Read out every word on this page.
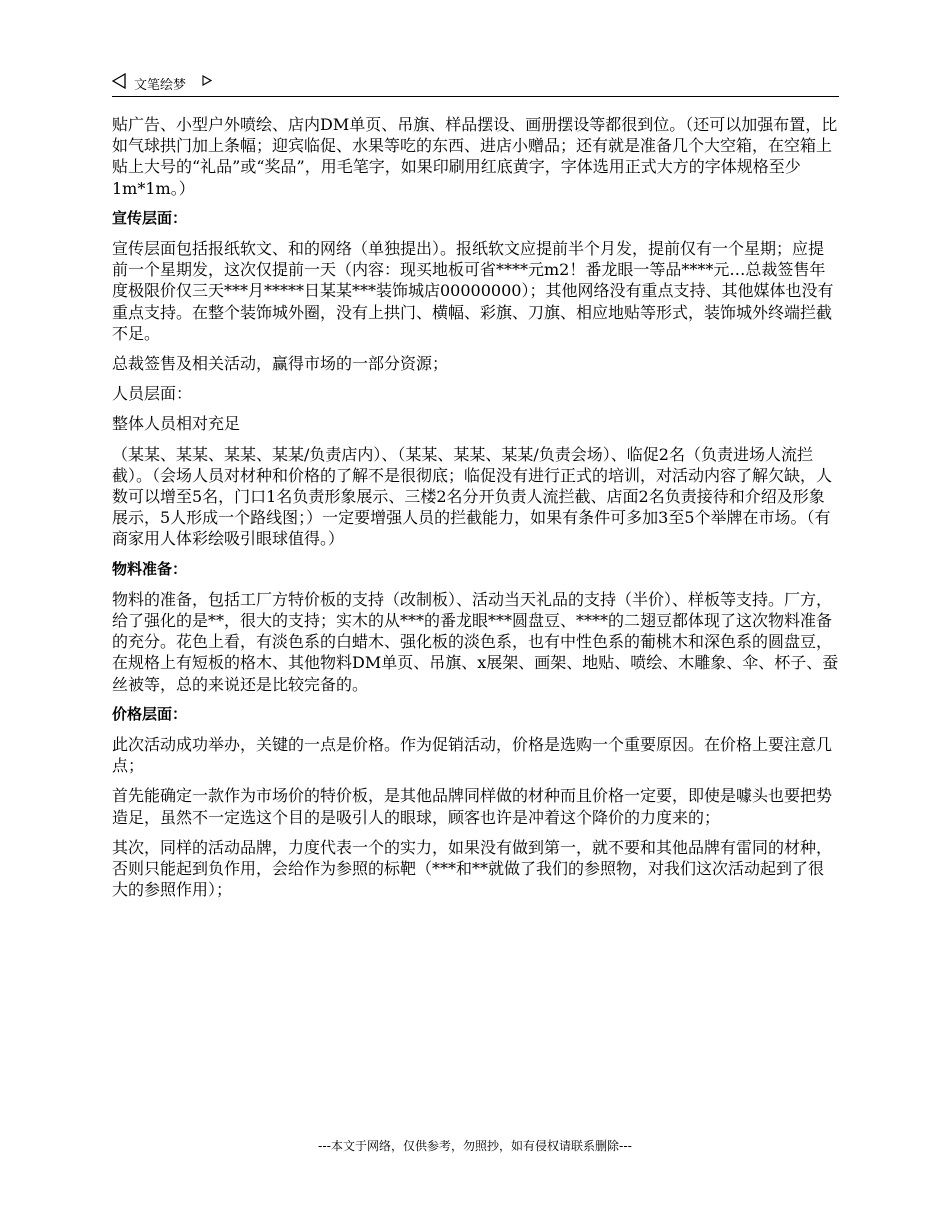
文笔绘梦

贴广告、小型户外喷绘、店内DM单页、吊旗、样品摆设、画册摆设等都很到位。（还可以加强布置，比如气球拱门加上条幅；迎宾临促、水果等吃的东西、进店小赠品；还有就是准备几个大空箱，在空箱上贴上大号的“礼品”或“奖品”，用毛笔字，如果印刷用红底黄字，字体选用正式大方的字体规格至少1m*1m。）

宣传层面：

宣传层面包括报纸软文、和的网络（单独提出）。报纸软文应提前半个月发，提前仅有一个星期；应提前一个星期发，这次仅提前一天（内容：现买地板可省****元m2！番龙眼一等品****元…总裁签售年度极限价仅三天***月*****日某某***装饰城店00000000）；其他网络没有重点支持、其他媒体也没有重点支持。在整个装饰城外圈，没有上拱门、横幅、彩旗、刀旗、相应地贴等形式，装饰城外终端拦截不足。

总裁签售及相关活动，赢得市场的一部分资源；

人员层面：

整体人员相对充足

（某某、某某、某某、某某/负责店内）、（某某、某某、某某/负责会场）、临促2名（负责进场人流拦截）。（会场人员对材种和价格的了解不是很彻底；临促没有进行正式的培训，对活动内容了解欠缺，人数可以增至5名，门口1名负责形象展示、三楼2名分开负责人流拦截、店面2名负责接待和介绍及形象展示，5人形成一个路线图；）一定要增强人员的拦截能力，如果有条件可多加3至5个举牌在市场。（有商家用人体彩绘吸引眼球值得。）

物料准备：

物料的准备，包括工厂方特价板的支持（改制板）、活动当天礼品的支持（半价）、样板等支持。厂方，给了强化的是**，很大的支持；实木的从***的番龙眼***圆盘豆、****的二翅豆都体现了这次物料准备的充分。花色上看，有淡色系的白蜡木、强化板的淡色系，也有中性色系的葡桃木和深色系的圆盘豆，在规格上有短板的格木、其他物料DM单页、吊旗、x展架、画架、地贴、喷绘、木雕象、伞、杯子、蚕丝被等，总的来说还是比较完备的。

价格层面：

此次活动成功举办，关键的一点是价格。作为促销活动，价格是选购一个重要原因。在价格上要注意几点；

首先能确定一款作为市场价的特价板，是其他品牌同样做的材种而且价格一定要，即使是噱头也要把势造足，虽然不一定选这个目的是吸引人的眼球，顾客也许是冲着这个降价的力度来的；

其次，同样的活动品牌，力度代表一个的实力，如果没有做到第一，就不要和其他品牌有雷同的材种，否则只能起到负作用，会给作为参照的标靶（***和**就做了我们的参照物，对我们这次活动起到了很大的参照作用）；

---本文于网络，仅供参考，勿照抄，如有侵权请联系删除---
